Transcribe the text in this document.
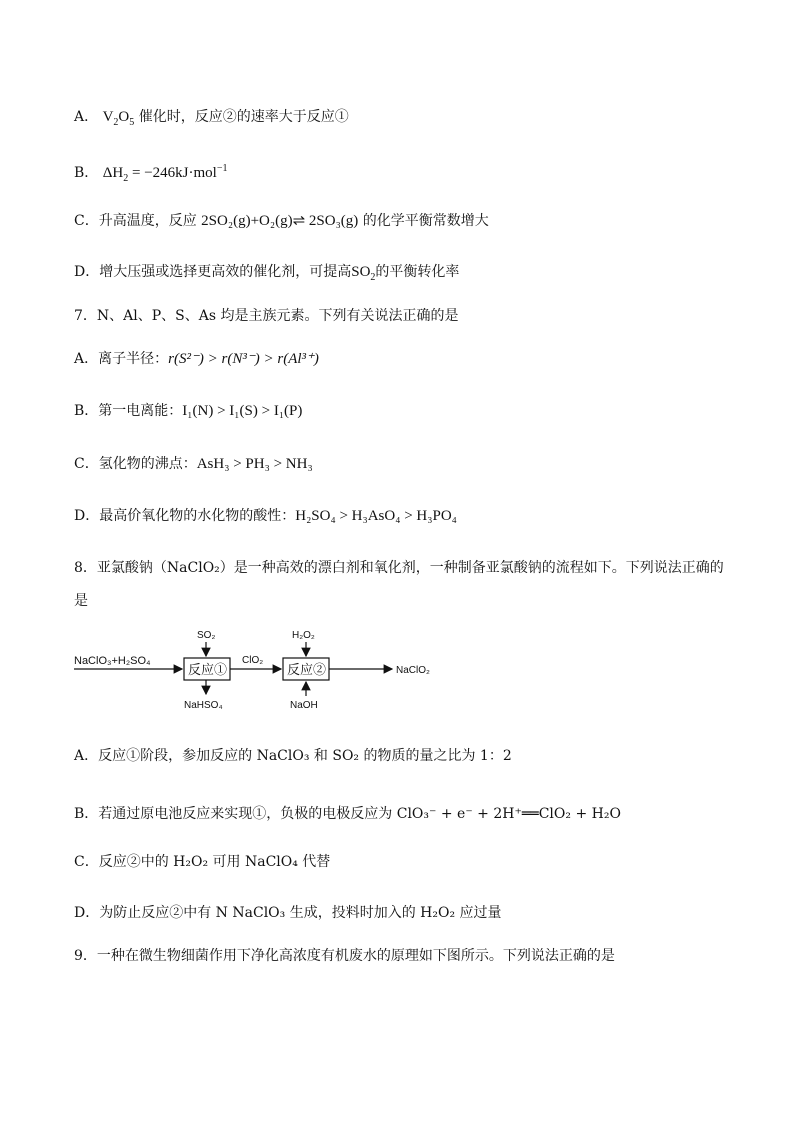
A． $V_2O_5$ 催化时，反应②的速率大于反应①
B． $\Delta H_2 = -246kJ\cdot mol^{-1}$
C．升高温度，反应 2SO₂(g)+O₂(g)⇌ 2SO₃(g) 的化学平衡常数增大
D．增大压强或选择更高效的催化剂，可提高$SO_2$的平衡转化率
7．N、Al、P、S、As 均是主族元素。下列有关说法正确的是
A．离子半径：r(S²⁻) > r(N³⁻) > r(Al³⁺)
B．第一电离能：I₁(N) > I₁(S) > I₁(P)
C．氢化物的沸点：AsH₃ > PH₃ > NH₃
D．最高价氧化物的水化物的酸性：H₂SO₄ > H₃AsO₄ > H₃PO₄
8．亚氯酸钠（NaClO₂）是一种高效的漂白剂和氧化剂，一种制备亚氯酸钠的流程如下。下列说法正确的
是
NaClO₃+H₂SO₄
反应①
SO₂
NaHSO₄
ClO₂
反应②
H₂O₂
NaOH
NaClO₂
A．反应①阶段，参加反应的 NaClO₃ 和 SO₂ 的物质的量之比为 1：2
B．若通过原电池反应来实现①，负极的电极反应为 ClO₃⁻ + e⁻ + 2H⁺══ClO₂ + H₂O
C．反应②中的 H₂O₂ 可用 NaClO₄ 代替
D．为防止反应②中有 N NaClO₃ 生成，投料时加入的 H₂O₂ 应过量
9．一种在微生物细菌作用下净化高浓度有机废水的原理如下图所示。下列说法正确的是
